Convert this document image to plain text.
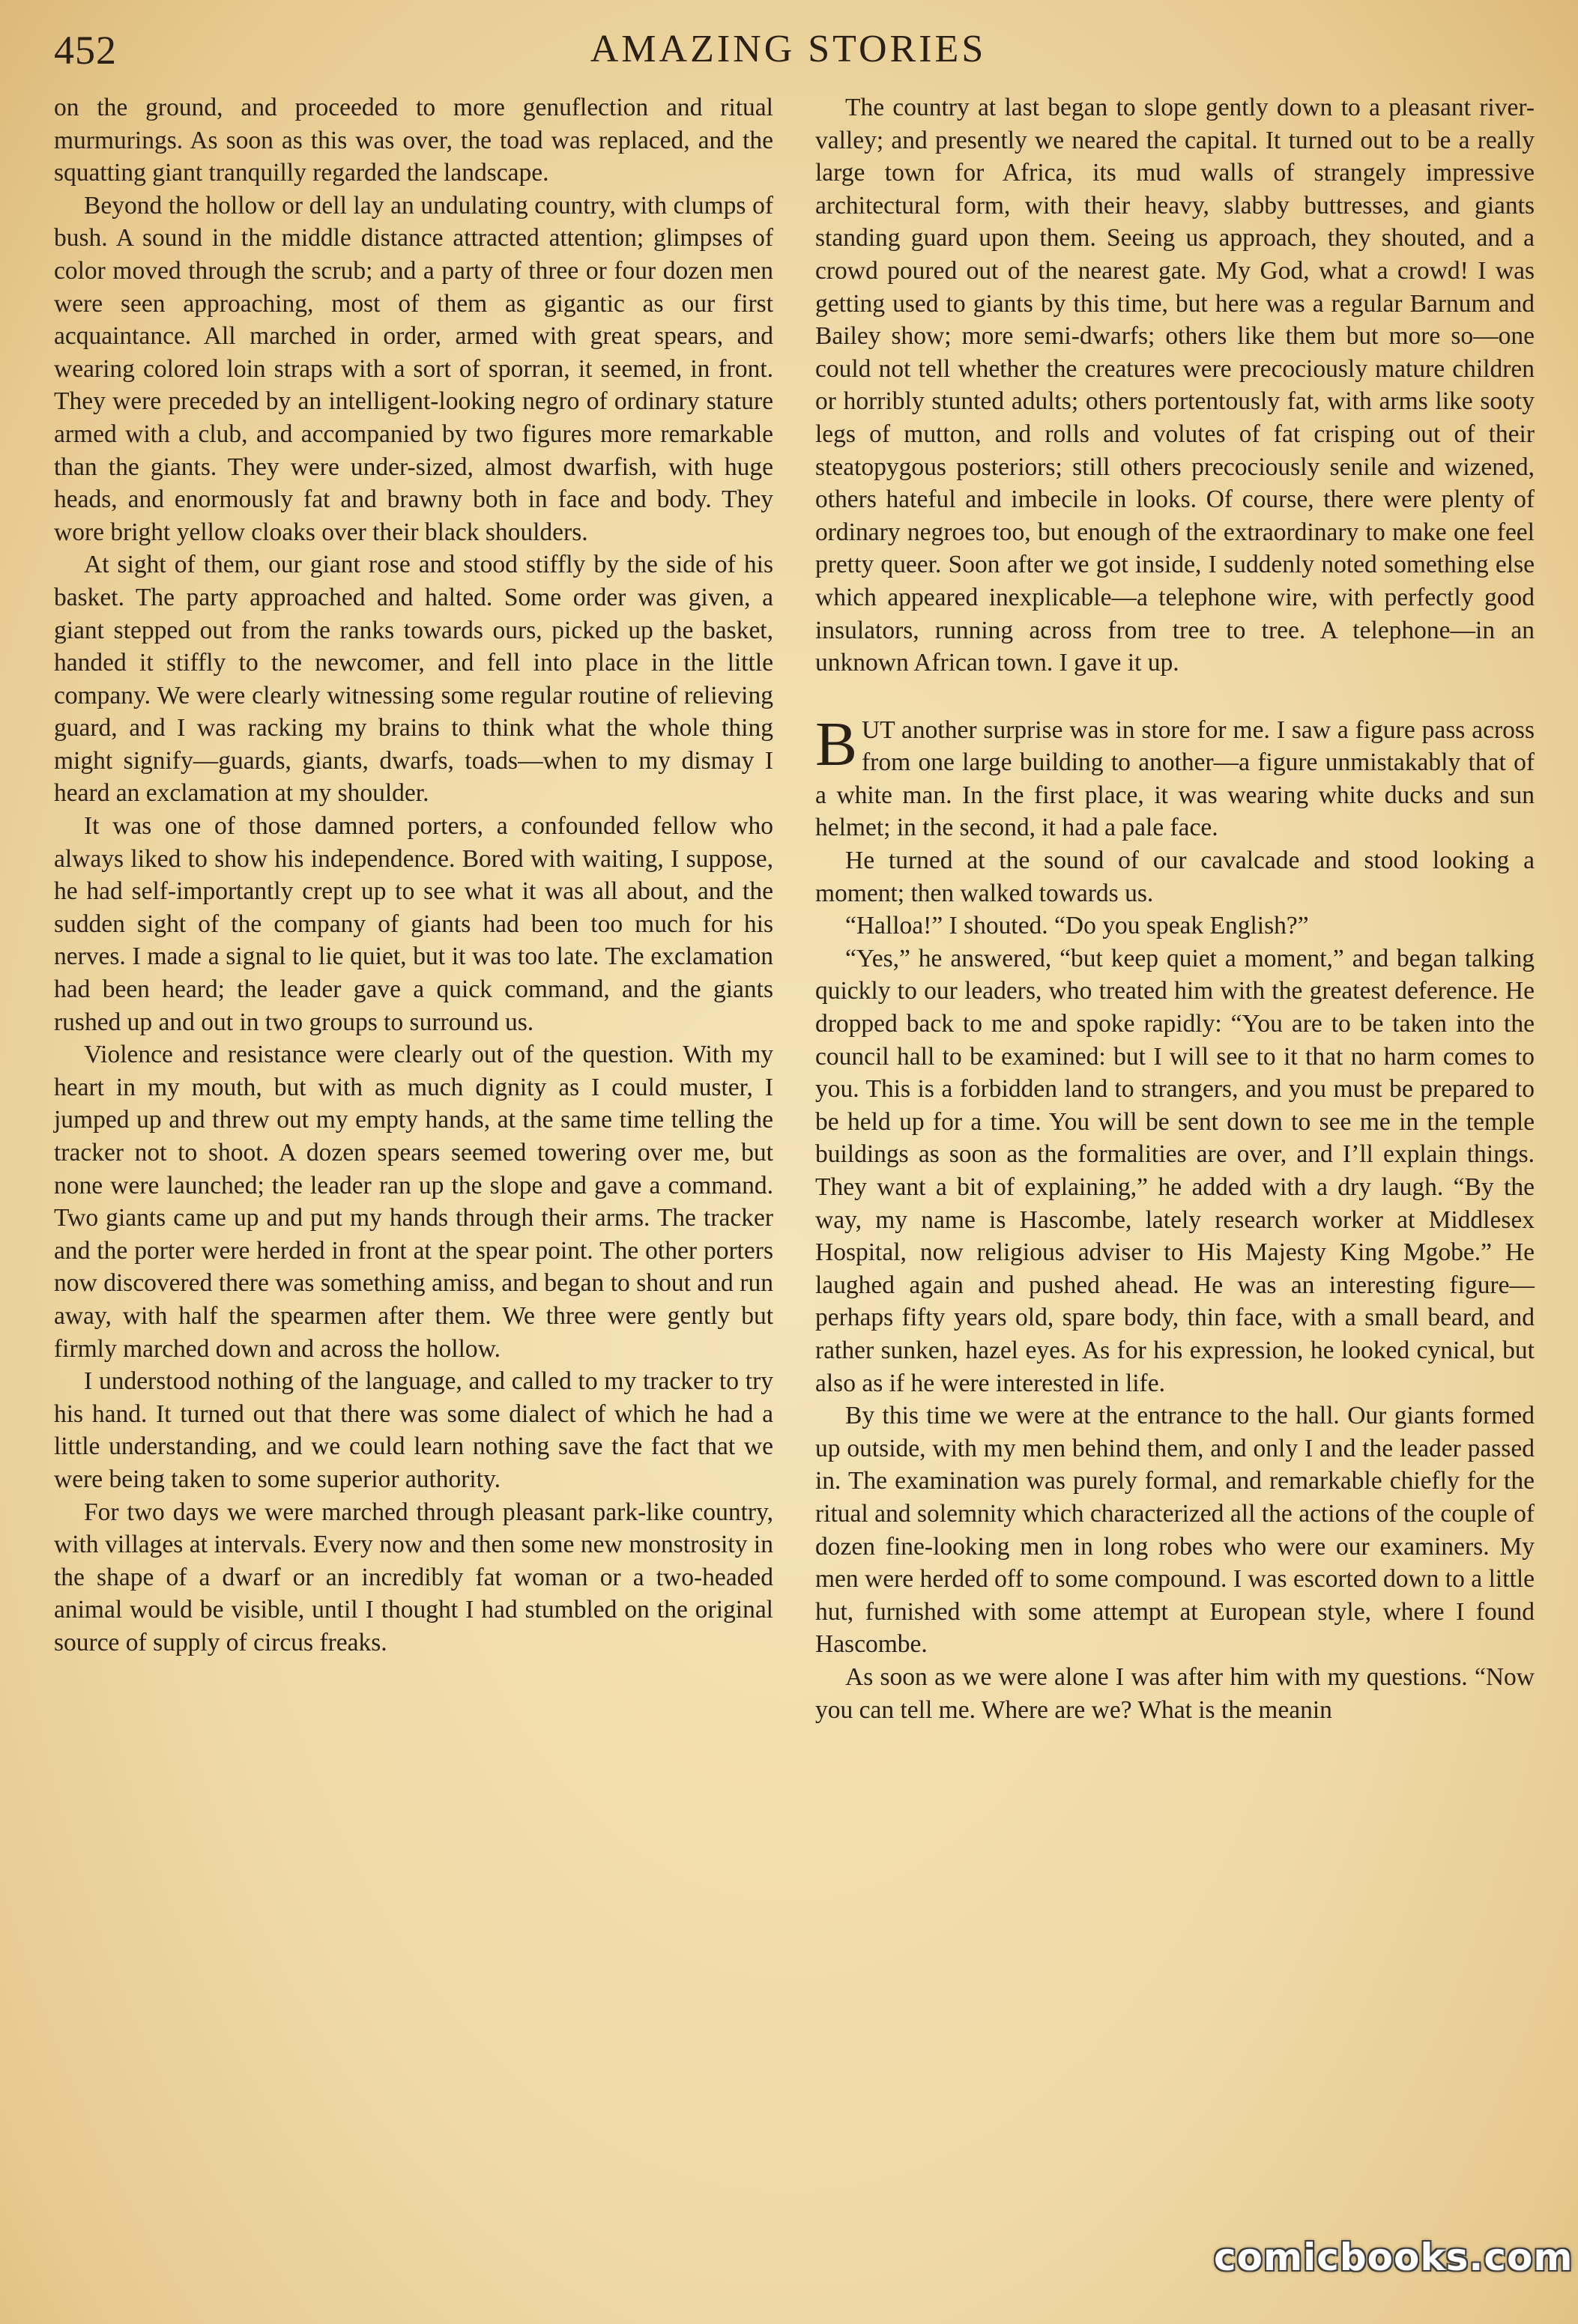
452	AMAZING STORIES

on the ground, and proceeded to more genuflection and ritual murmurings. As soon as this was over, the toad was replaced, and the squatting giant tranquilly regarded the landscape.

Beyond the hollow or dell lay an undulating country, with clumps of bush. A sound in the middle distance attracted attention; glimpses of color moved through the scrub; and a party of three or four dozen men were seen approaching, most of them as gigantic as our first acquaintance. All marched in order, armed with great spears, and wearing colored loin straps with a sort of sporran, it seemed, in front. They were preceded by an intelligent-looking negro of ordinary stature armed with a club, and accompanied by two figures more remarkable than the giants. They were under-sized, almost dwarfish, with huge heads, and enormously fat and brawny both in face and body. They wore bright yellow cloaks over their black shoulders.

At sight of them, our giant rose and stood stiffly by the side of his basket. The party approached and halted. Some order was given, a giant stepped out from the ranks towards ours, picked up the basket, handed it stiffly to the newcomer, and fell into place in the little company. We were clearly witnessing some regular routine of relieving guard, and I was racking my brains to think what the whole thing might signify—guards, giants, dwarfs, toads—when to my dismay I heard an exclamation at my shoulder.

It was one of those damned porters, a confounded fellow who always liked to show his independence. Bored with waiting, I suppose, he had self-importantly crept up to see what it was all about, and the sudden sight of the company of giants had been too much for his nerves. I made a signal to lie quiet, but it was too late. The exclamation had been heard; the leader gave a quick command, and the giants rushed up and out in two groups to surround us.

Violence and resistance were clearly out of the question. With my heart in my mouth, but with as much dignity as I could muster, I jumped up and threw out my empty hands, at the same time telling the tracker not to shoot. A dozen spears seemed towering over me, but none were launched; the leader ran up the slope and gave a command. Two giants came up and put my hands through their arms. The tracker and the porter were herded in front at the spear point. The other porters now discovered there was something amiss, and began to shout and run away, with half the spearmen after them. We three were gently but firmly marched down and across the hollow.

I understood nothing of the language, and called to my tracker to try his hand. It turned out that there was some dialect of which he had a little understanding, and we could learn nothing save the fact that we were being taken to some superior authority.

For two days we were marched through pleasant park-like country, with villages at intervals. Every now and then some new monstrosity in the shape of a dwarf or an incredibly fat woman or a two-headed animal would be visible, until I thought I had stumbled on the original source of supply of circus freaks.

The country at last began to slope gently down to a pleasant river-valley; and presently we neared the capital. It turned out to be a really large town for Africa, its mud walls of strangely impressive architectural form, with their heavy, slabby buttresses, and giants standing guard upon them. Seeing us approach, they shouted, and a crowd poured out of the nearest gate. My God, what a crowd! I was getting used to giants by this time, but here was a regular Barnum and Bailey show; more semi-dwarfs; others like them but more so—one could not tell whether the creatures were precociously mature children or horribly stunted adults; others portentously fat, with arms like sooty legs of mutton, and rolls and volutes of fat crisping out of their steatopygous posteriors; still others precociously senile and wizened, others hateful and imbecile in looks. Of course, there were plenty of ordinary negroes too, but enough of the extraordinary to make one feel pretty queer. Soon after we got inside, I suddenly noted something else which appeared inexplicable—a telephone wire, with perfectly good insulators, running across from tree to tree. A telephone—in an unknown African town. I gave it up.

BUT another surprise was in store for me. I saw a figure pass across from one large building to another—a figure unmistakably that of a white man. In the first place, it was wearing white ducks and sun helmet; in the second, it had a pale face.

He turned at the sound of our cavalcade and stood looking a moment; then walked towards us.

“Halloa!” I shouted. “Do you speak English?”

“Yes,” he answered, “but keep quiet a moment,” and began talking quickly to our leaders, who treated him with the greatest deference. He dropped back to me and spoke rapidly: “You are to be taken into the council hall to be examined: but I will see to it that no harm comes to you. This is a forbidden land to strangers, and you must be prepared to be held up for a time. You will be sent down to see me in the temple buildings as soon as the formalities are over, and I’ll explain things. They want a bit of explaining,” he added with a dry laugh. “By the way, my name is Hascombe, lately research worker at Middlesex Hospital, now religious adviser to His Majesty King Mgobe.” He laughed again and pushed ahead. He was an interesting figure—perhaps fifty years old, spare body, thin face, with a small beard, and rather sunken, hazel eyes. As for his expression, he looked cynical, but also as if he were interested in life.

By this time we were at the entrance to the hall. Our giants formed up outside, with my men behind them, and only I and the leader passed in. The examination was purely formal, and remarkable chiefly for the ritual and solemnity which characterized all the actions of the couple of dozen fine-looking men in long robes who were our examiners. My men were herded off to some compound. I was escorted down to a little hut, furnished with some attempt at European style, where I found Hascombe.

As soon as we were alone I was after him with my questions. “Now you can tell me. Where are we? What is the meanin

comicbooks.com
